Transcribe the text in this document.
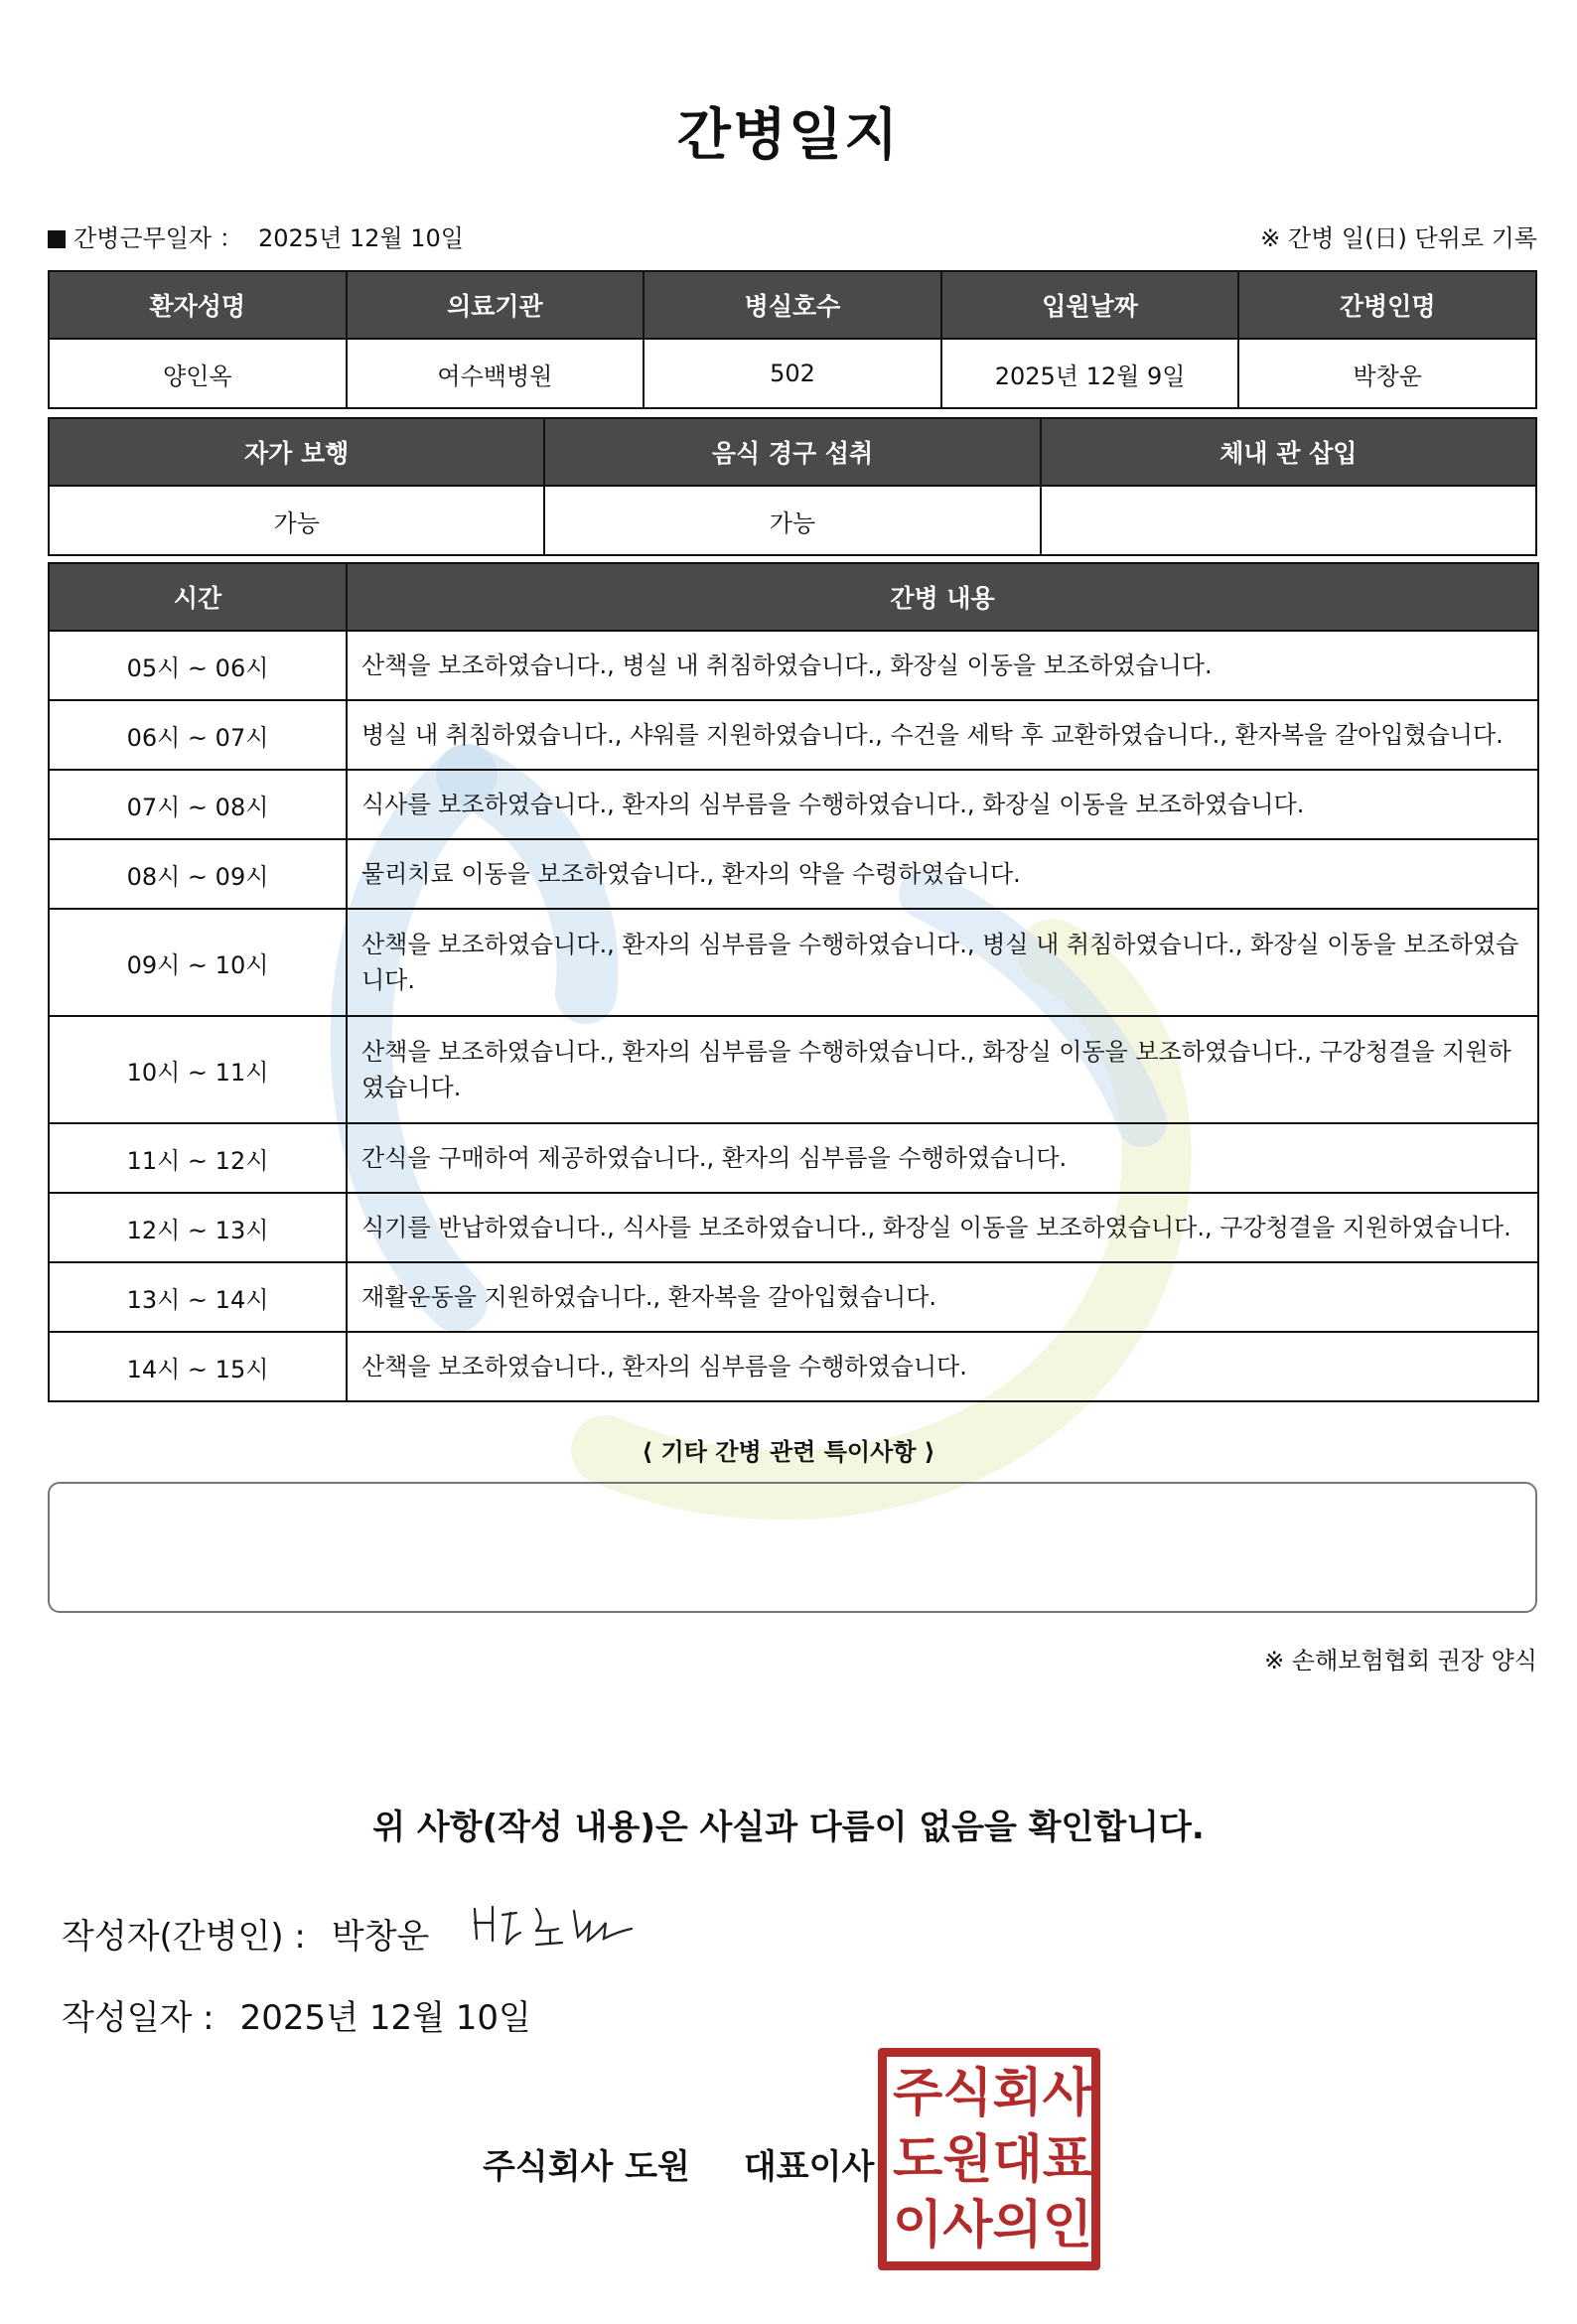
간병일지
간병근무일자 ： 2025년 12월 10일	※ 간병 일(日) 단위로 기록
환자성명	의료기관	병실호수	입원날짜	간병인명
양인옥	여수백병원	502	2025년 12월 9일	박창운
자가 보행	음식 경구 섭취	체내 관 삽입
가능	가능	
시간	간병 내용
05시 ~ 06시	산책을 보조하였습니다., 병실 내 취침하였습니다., 화장실 이동을 보조하였습니다.
06시 ~ 07시	병실 내 취침하였습니다., 샤워를 지원하였습니다., 수건을 세탁 후 교환하였습니다., 환자복을 갈아입혔습니다.
07시 ~ 08시	식사를 보조하였습니다., 환자의 심부름을 수행하였습니다., 화장실 이동을 보조하였습니다.
08시 ~ 09시	물리치료 이동을 보조하였습니다., 환자의 약을 수령하였습니다.
09시 ~ 10시	산책을 보조하였습니다., 환자의 심부름을 수행하였습니다., 병실 내 취침하였습니다., 화장실 이동을 보조하였습니다.
10시 ~ 11시	산책을 보조하였습니다., 환자의 심부름을 수행하였습니다., 화장실 이동을 보조하였습니다., 구강청결을 지원하였습니다.
11시 ~ 12시	간식을 구매하여 제공하였습니다., 환자의 심부름을 수행하였습니다.
12시 ~ 13시	식기를 반납하였습니다., 식사를 보조하였습니다., 화장실 이동을 보조하였습니다., 구강청결을 지원하였습니다.
13시 ~ 14시	재활운동을 지원하였습니다., 환자복을 갈아입혔습니다.
14시 ~ 15시	산책을 보조하였습니다., 환자의 심부름을 수행하였습니다.
⟨ 기타 간병 관련 특이사항 ⟩
※ 손해보험협회 권장 양식
위 사항(작성 내용)은 사실과 다름이 없음을 확인합니다.
작성자(간병인) : 박창운
작성일자 : 2025년 12월 10일
주식회사 도원 대표이사
주 식 회 사
도 원 대 표
이 사 의 인
